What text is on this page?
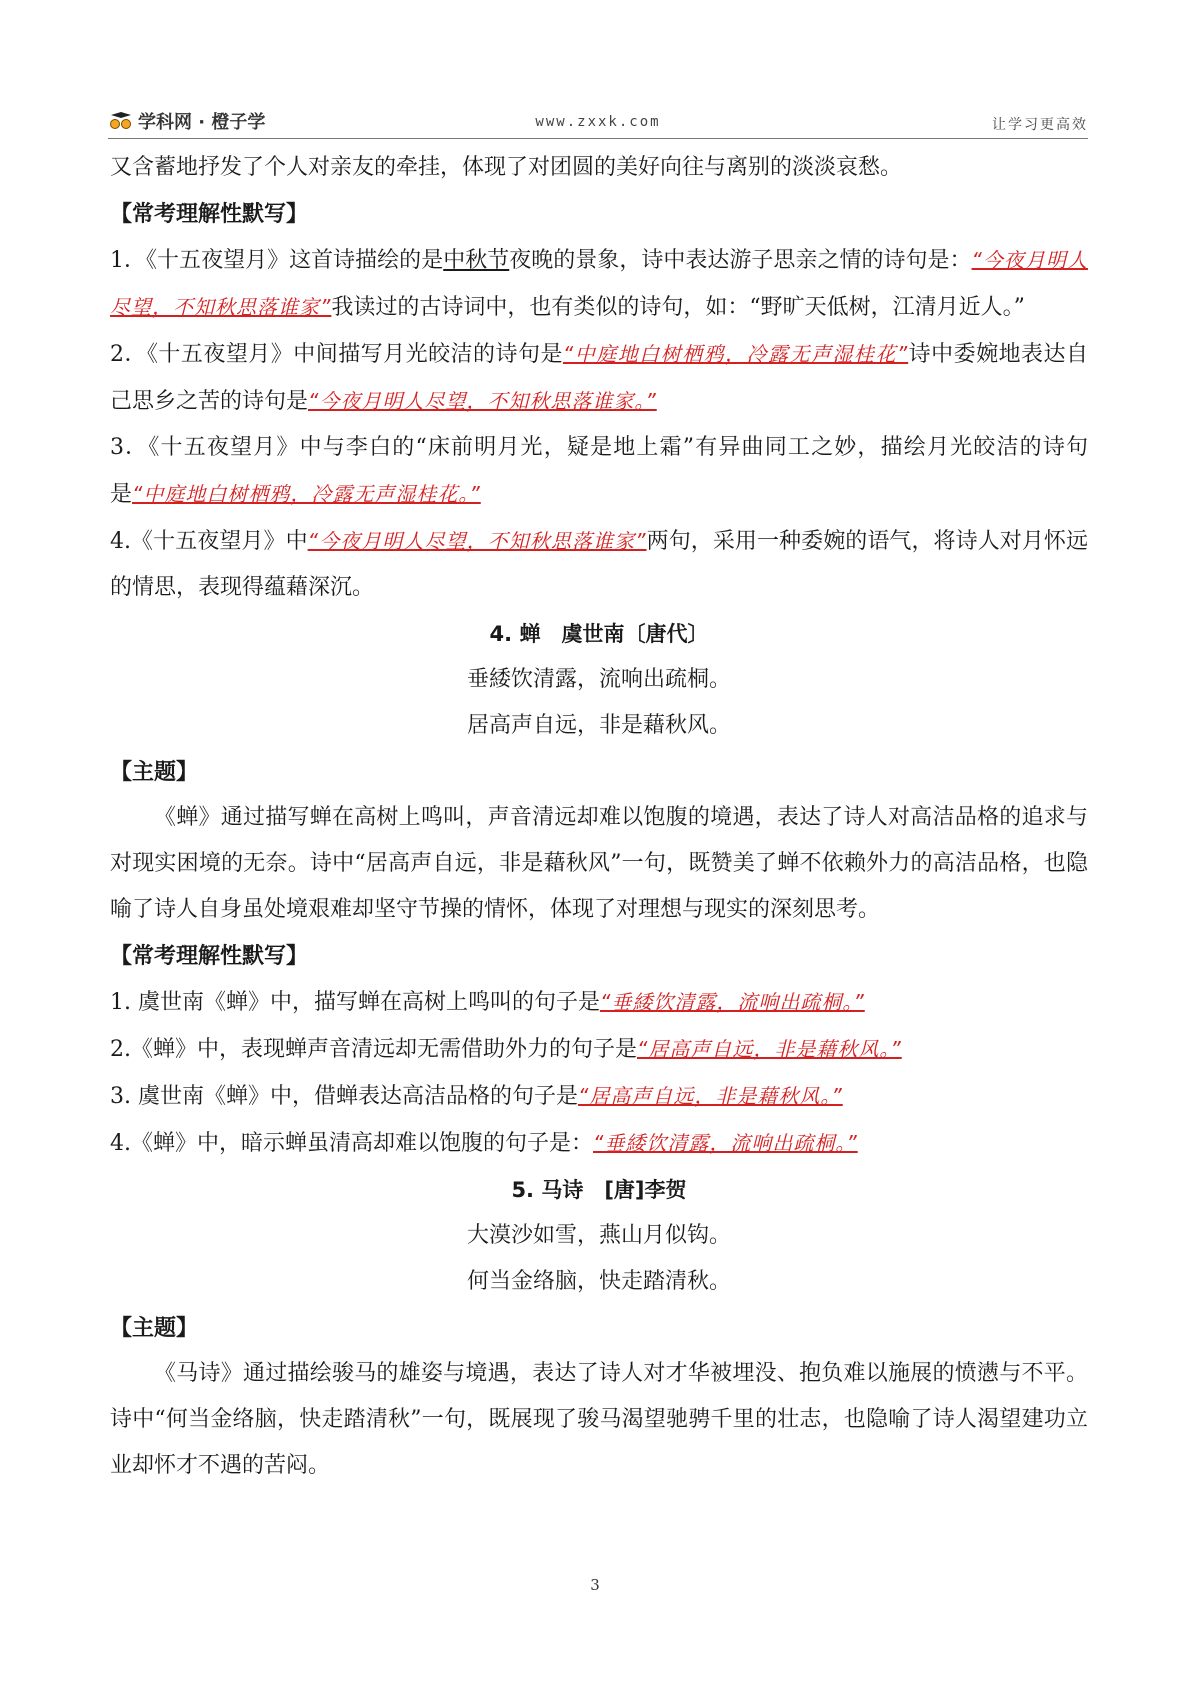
学科网 · 橙子学	www.zxxk.com	让学习更高效

又含蓄地抒发了个人对亲友的牵挂，体现了对团圆的美好向往与离别的淡淡哀愁。

【常考理解性默写】

1．《十五夜望月》这首诗描绘的是中秋节夜晚的景象，诗中表达游子思亲之情的诗句是：“今夜月明人尽望，不知秋思落谁家”我读过的古诗词中，也有类似的诗句，如：“野旷天低树，江清月近人。”

2．《十五夜望月》中间描写月光皎洁的诗句是“中庭地白树栖鸦，冷露无声湿桂花”诗中委婉地表达自己思乡之苦的诗句是“今夜月明人尽望，不知秋思落谁家。”

3．《十五夜望月》中与李白的“床前明月光，疑是地上霜”有异曲同工之妙，描绘月光皎洁的诗句是“中庭地白树栖鸦，冷露无声湿桂花。”

4.《十五夜望月》中“今夜月明人尽望，不知秋思落谁家”两句，采用一种委婉的语气，将诗人对月怀远的情思，表现得蕴藉深沉。

4. 蝉　虞世南〔唐代〕

垂緌饮清露，流响出疏桐。

居高声自远，非是藉秋风。

【主题】

《蝉》通过描写蝉在高树上鸣叫，声音清远却难以饱腹的境遇，表达了诗人对高洁品格的追求与对现实困境的无奈。诗中“居高声自远，非是藉秋风”一句，既赞美了蝉不依赖外力的高洁品格，也隐喻了诗人自身虽处境艰难却坚守节操的情怀，体现了对理想与现实的深刻思考。

【常考理解性默写】

1. 虞世南《蝉》中，描写蝉在高树上鸣叫的句子是“垂緌饮清露，流响出疏桐。”

2.《蝉》中，表现蝉声音清远却无需借助外力的句子是“居高声自远，非是藉秋风。”

3. 虞世南《蝉》中，借蝉表达高洁品格的句子是“居高声自远，非是藉秋风。”

4.《蝉》中，暗示蝉虽清高却难以饱腹的句子是：“垂緌饮清露，流响出疏桐。”

5. 马诗　[唐]李贺

大漠沙如雪，燕山月似钩。

何当金络脑，快走踏清秋。

【主题】

《马诗》通过描绘骏马的雄姿与境遇，表达了诗人对才华被埋没、抱负难以施展的愤懑与不平。诗中“何当金络脑，快走踏清秋”一句，既展现了骏马渴望驰骋千里的壮志，也隐喻了诗人渴望建功立业却怀才不遇的苦闷。

3
